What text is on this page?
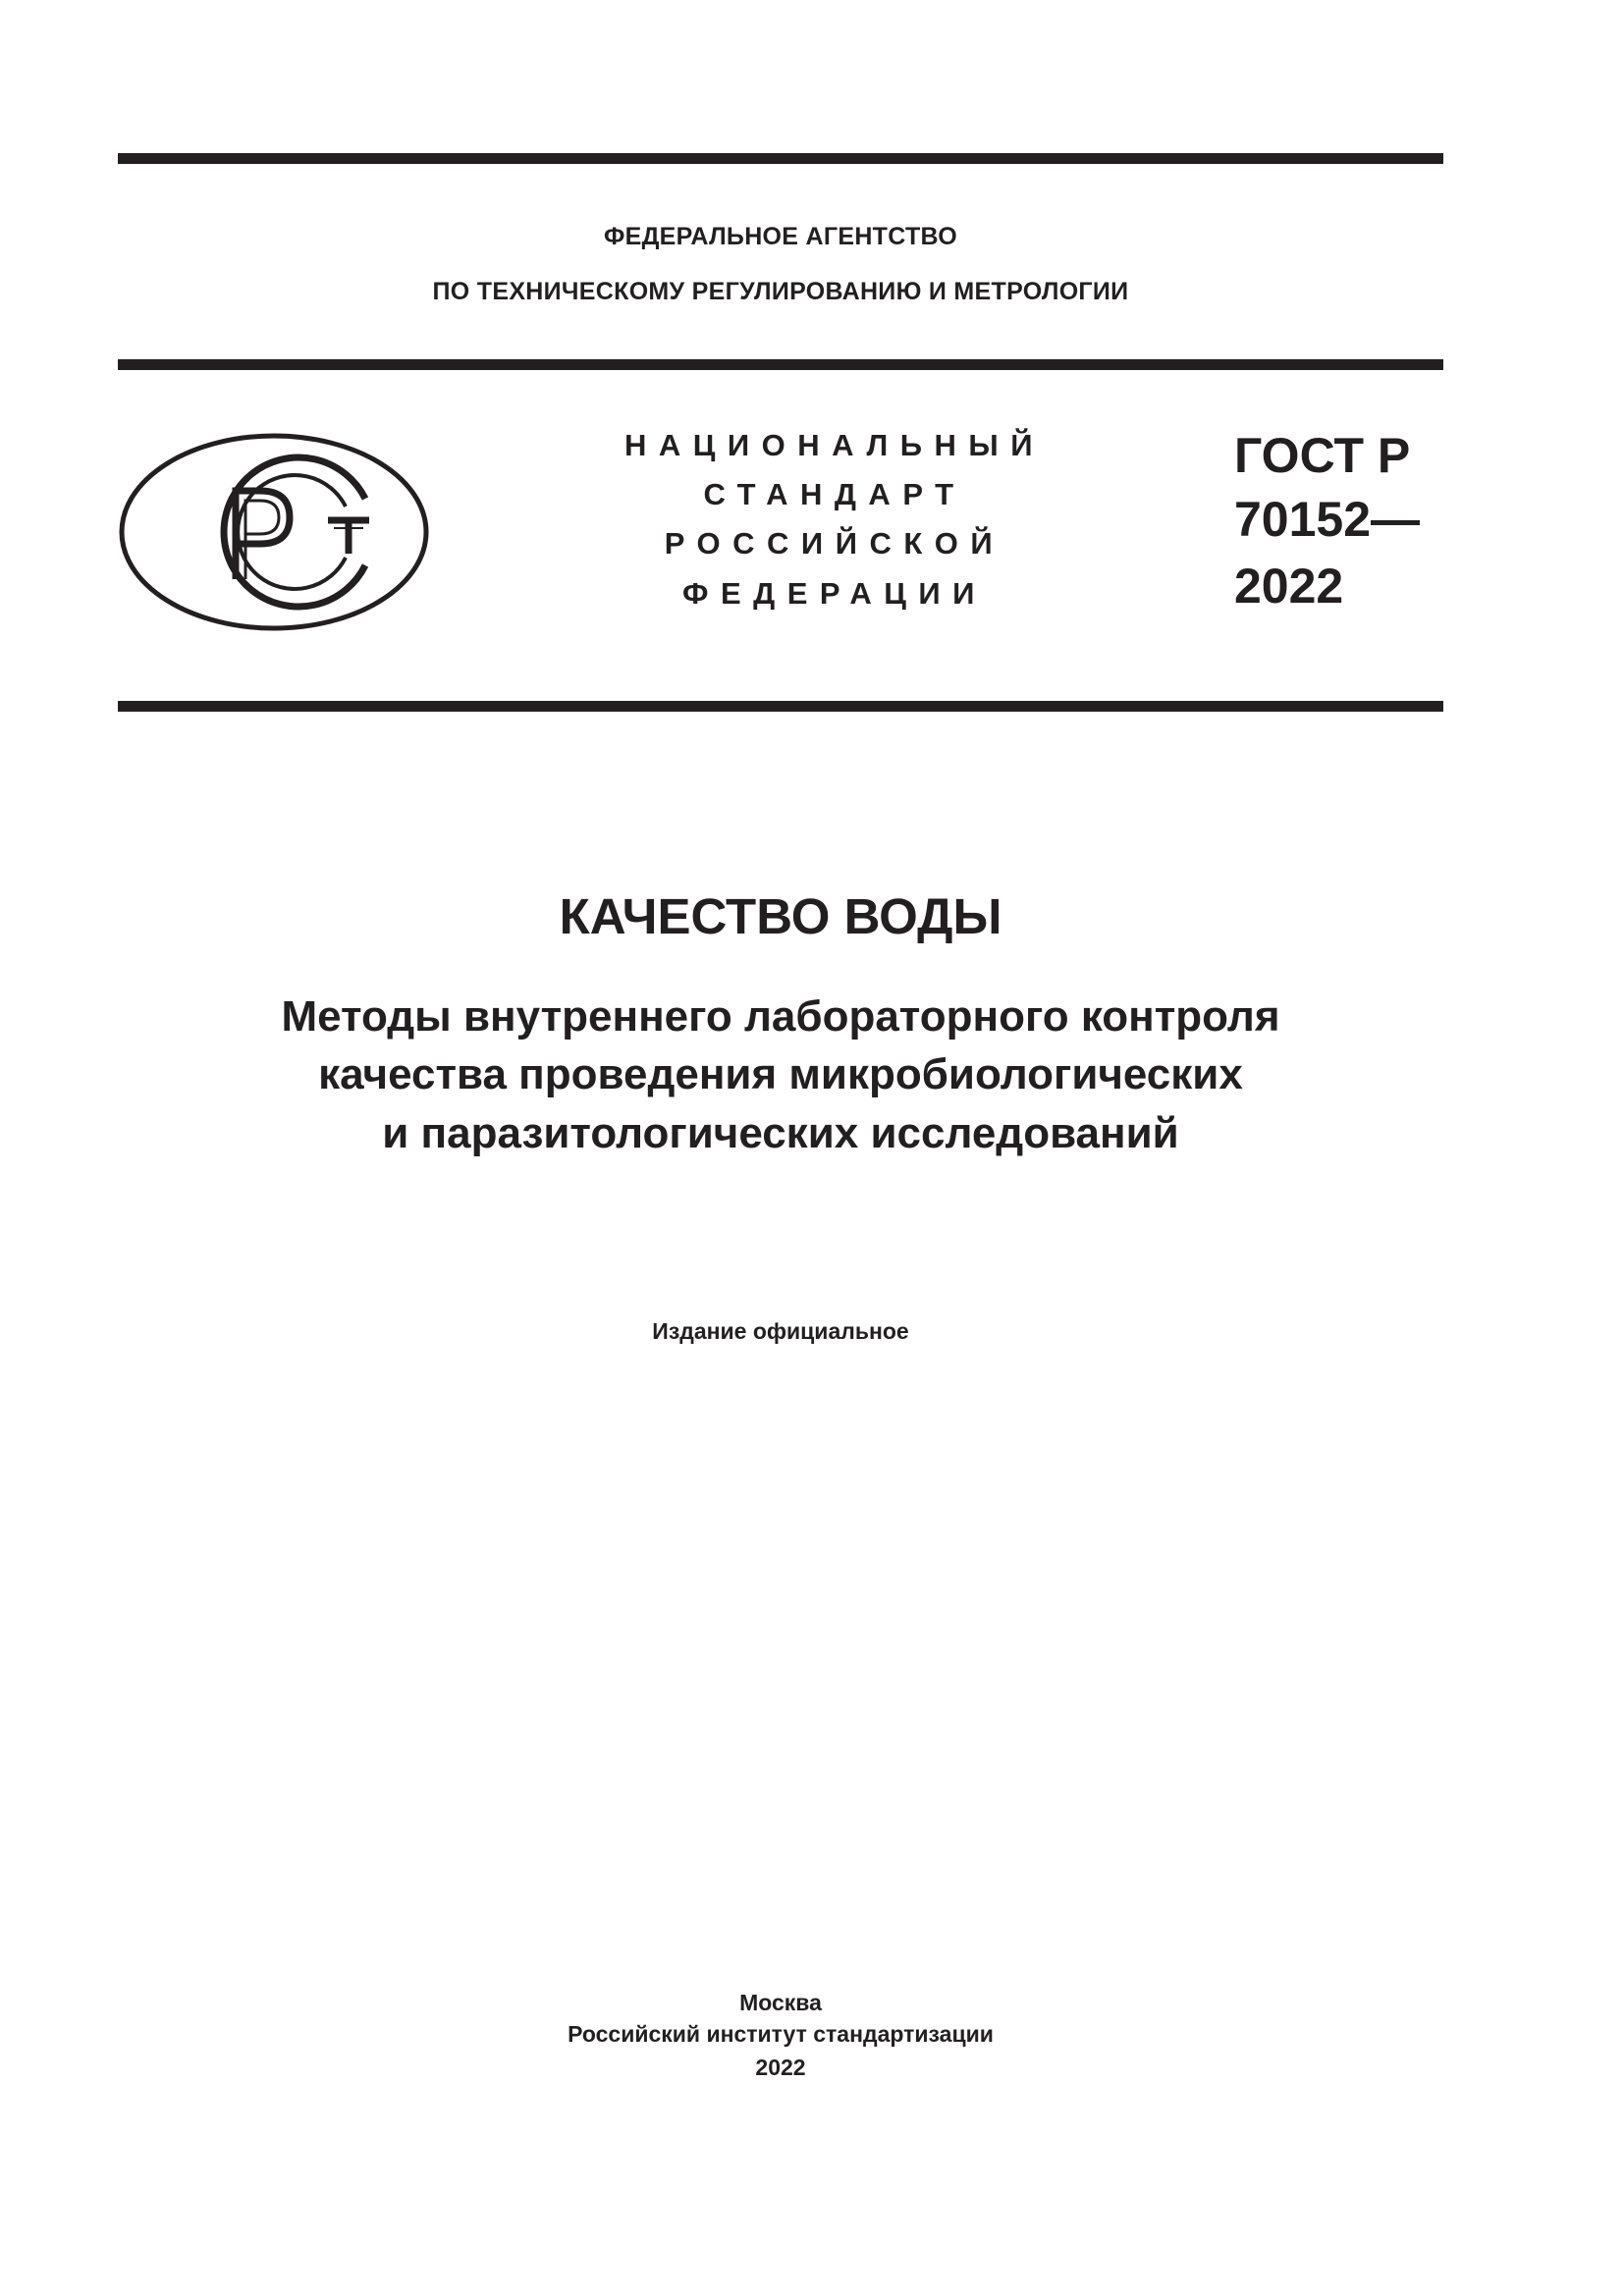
ФЕДЕРАЛЬНОЕ АГЕНТСТВО
ПО ТЕХНИЧЕСКОМУ РЕГУЛИРОВАНИЮ И МЕТРОЛОГИИ
НАЦИОНАЛЬНЫЙ
СТАНДАРТ
РОССИЙСКОЙ
ФЕДЕРАЦИИ
ГОСТ Р
70152—
2022
КАЧЕСТВО ВОДЫ
Методы внутреннего лабораторного контроля
качества проведения микробиологических
и паразитологических исследований
Издание официальное
Москва
Российский институт стандартизации
2022
